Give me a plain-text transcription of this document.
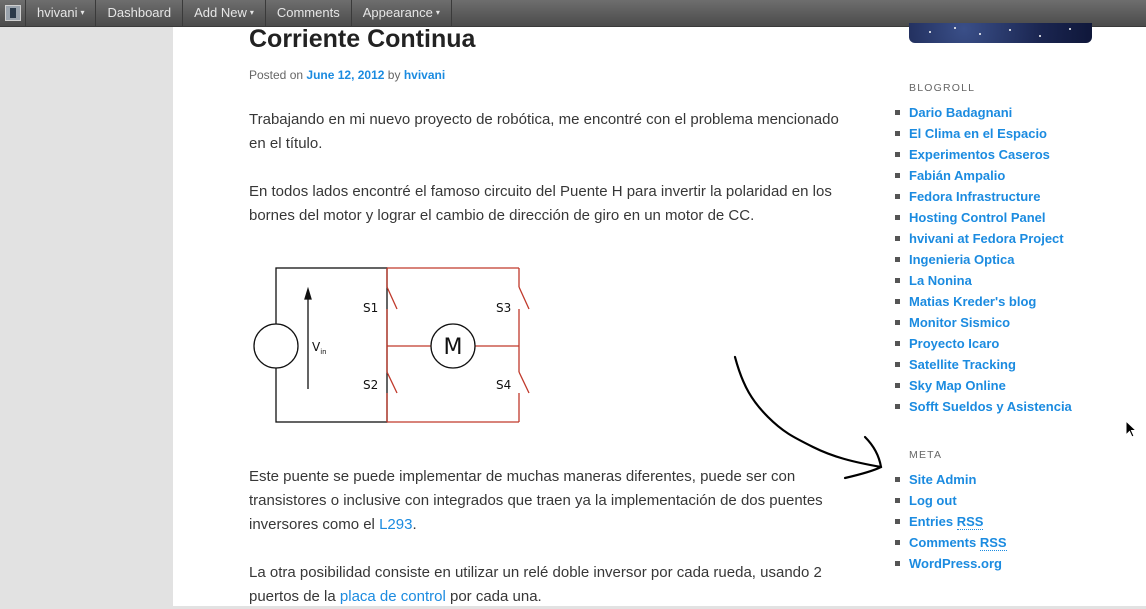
hvivani ▾	Dashboard	Add New ▾	Comments	Appearance ▾
Corriente Continua
Posted on June 12, 2012 by hvivani
Trabajando en mi nuevo proyecto de robótica, me encontré con el problema mencionado en el título.
En todos lados encontré el famoso circuito del Puente H para invertir la polaridad en los bornes del motor y lograr el cambio de dirección de giro en un motor de CC.
M
$V_{in}$
S1
S2
S3
S4
Este puente se puede implementar de muchas maneras diferentes, puede ser con transistores o inclusive con integrados que traen ya la implementación de dos puentes inversores como el L293.
La otra posibilidad consiste en utilizar un relé doble inversor por cada rueda, usando 2 puertos de la placa de control por cada una.
BLOGROLL
Dario Badagnani
El Clima en el Espacio
Experimentos Caseros
Fabián Ampalio
Fedora Infrastructure
Hosting Control Panel
hvivani at Fedora Project
Ingenieria Optica
La Nonina
Matias Kreder's blog
Monitor Sismico
Proyecto Icaro
Satellite Tracking
Sky Map Online
Sofft Sueldos y Asistencia
META
Site Admin
Log out
Entries RSS
Comments RSS
WordPress.org
